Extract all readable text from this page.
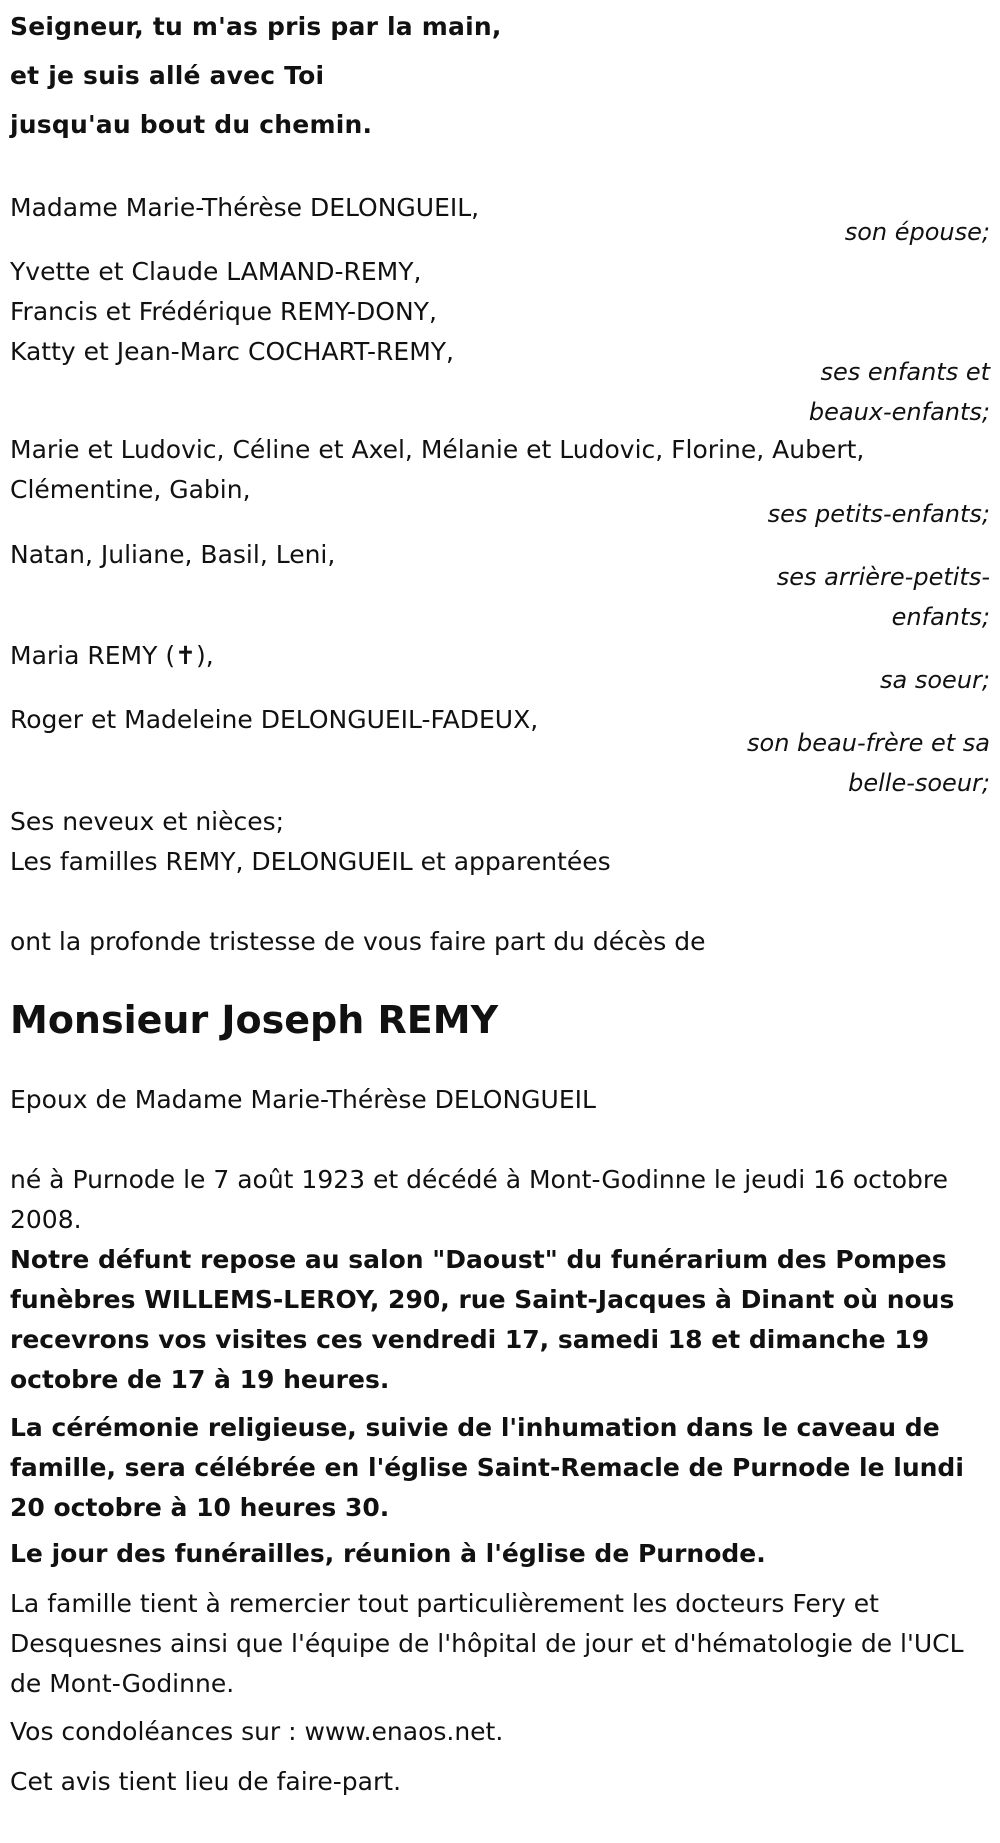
Seigneur, tu m'as pris par la main,
et je suis allé avec Toi
jusqu'au bout du chemin.
Madame Marie-Thérèse DELONGUEIL,
son épouse;
Yvette et Claude LAMAND-REMY,
Francis et Frédérique REMY-DONY,
Katty et Jean-Marc COCHART-REMY,
ses enfants et
beaux-enfants;
Marie et Ludovic, Céline et Axel, Mélanie et Ludovic, Florine, Aubert,
Clémentine, Gabin,
ses petits-enfants;
Natan, Juliane, Basil, Leni,
ses arrière-petits-
enfants;
Maria REMY (✝),
sa soeur;
Roger et Madeleine DELONGUEIL-FADEUX,
son beau-frère et sa
belle-soeur;
Ses neveux et nièces;
Les familles REMY, DELONGUEIL et apparentées
ont la profonde tristesse de vous faire part du décès de
Monsieur Joseph REMY
Epoux de Madame Marie-Thérèse DELONGUEIL
né à Purnode le 7 août 1923 et décédé à Mont-Godinne le jeudi 16 octobre 2008.
Notre défunt repose au salon "Daoust" du funérarium des Pompes funèbres WILLEMS-LEROY, 290, rue Saint-Jacques à Dinant où nous recevrons vos visites ces vendredi 17, samedi 18 et dimanche 19 octobre de 17 à 19 heures.
La cérémonie religieuse, suivie de l'inhumation dans le caveau de famille, sera célébrée en l'église Saint-Remacle de Purnode le lundi 20 octobre à 10 heures 30.
Le jour des funérailles, réunion à l'église de Purnode.
La famille tient à remercier tout particulièrement les docteurs Fery et Desquesnes ainsi que l'équipe de l'hôpital de jour et d'hématologie de l'UCL de Mont-Godinne.
Vos condoléances sur : www.enaos.net.
Cet avis tient lieu de faire-part.
